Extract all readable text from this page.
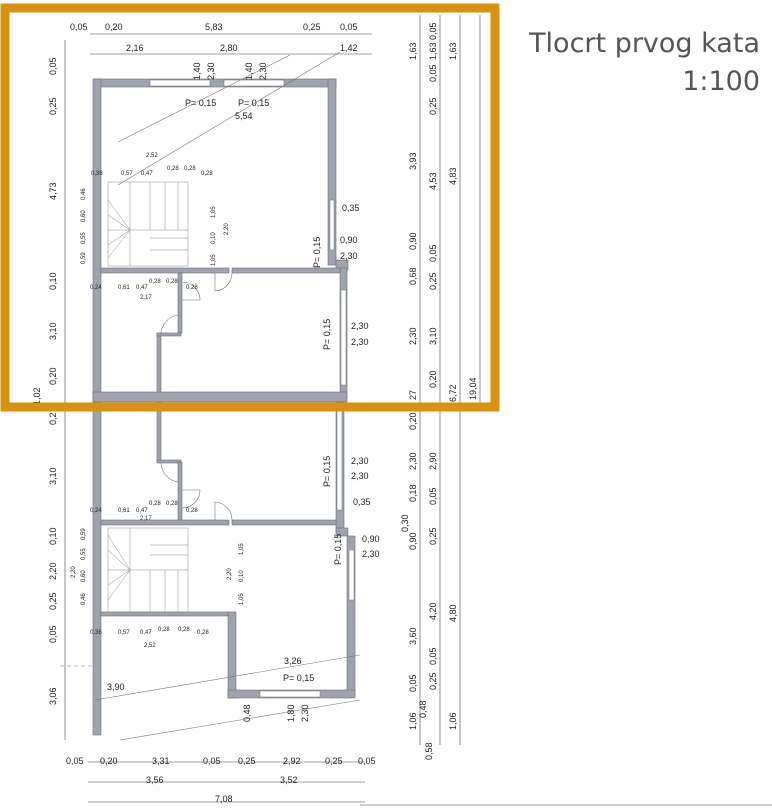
0,05 0,20	5,83	0,25 0,05
2,16	2,80	1,42
0,05 0,20	3,31	0,05 0,25	2,92	0,25 0,05
3,56	3,52
7,08
0,05
0,25
4,73
0,10
3,10
0,20
1,02
0,2
3,10
0,10
2,20
0,25
0,05
3,06
1,63
3,93
0,68
2,30
27
0,20
2,30
0,30
3,60
1,06
0,58
0,05
0,25
4,53
0,90
0,25
3,10
0,20
2,90
0,18
0,90 0,25
4,20
0,05 0,25
0,48
1,63
0,05
0,05
6,72
0,05
0,05
1,63
4,83
19,04
4,80
1,06
1,40 2,30	1,40 2,30
P= 0,15 P= 0,15
5,54
0,35
P= 0,15 0,90
2,30
P= 0,15 2,30
2,30
P= 0,15 2,30
2,30
0,35
P= 0,15 0,90
2,30
3,26
P= 0,15
3,90
1,80 2,30
0,48
2,52
0,36	0,57 0,47
0,28 0,28
0,28
0,46
0,60
0,55
0,59
1,05
0,10
1,05
2,20
0,24	0,61 0,47
0,28 0,28
0,28
2,17
0,24	0,61 0,47
0,28 0,28
0,28
2,17
0,59
0,55
0,60
0,46
2,20
1,05
0,10
1,05
2,20
0,36	0,57 0,47 0,28 0,28 0,28
2,52
Tlocrt prvog kata
1:100
